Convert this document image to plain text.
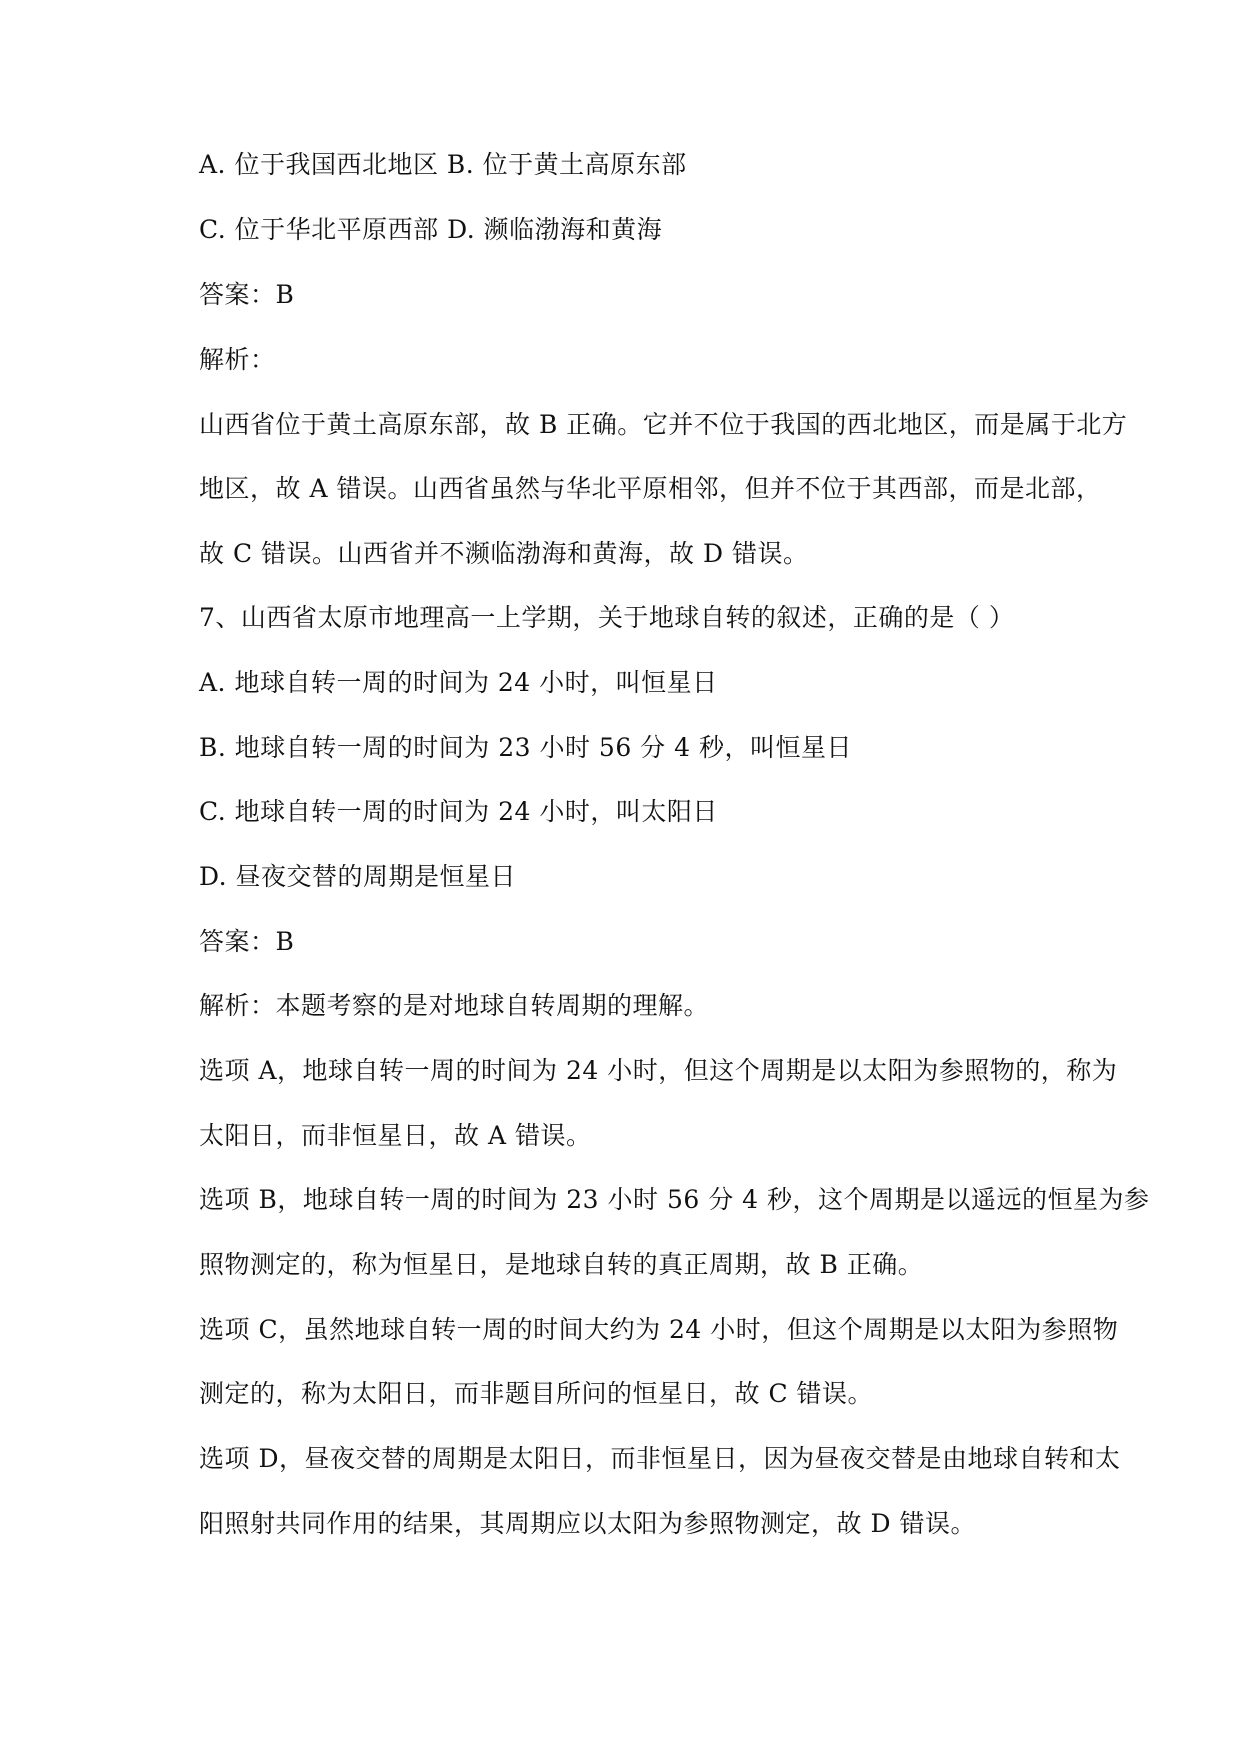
A. 位于我国西北地区 B. 位于黄土高原东部
C. 位于华北平原西部 D. 濒临渤海和黄海
答案：B
解析：
山西省位于黄土高原东部，故 B 正确。它并不位于我国的西北地区，而是属于北方
地区，故 A 错误。山西省虽然与华北平原相邻，但并不位于其西部，而是北部，
故 C 错误。山西省并不濒临渤海和黄海，故 D 错误。
7、山西省太原市地理高一上学期，关于地球自转的叙述，正确的是（ ）
A. 地球自转一周的时间为 24 小时，叫恒星日
B. 地球自转一周的时间为 23 小时 56 分 4 秒，叫恒星日
C. 地球自转一周的时间为 24 小时，叫太阳日
D. 昼夜交替的周期是恒星日
答案：B
解析：本题考察的是对地球自转周期的理解。
选项 A，地球自转一周的时间为 24 小时，但这个周期是以太阳为参照物的，称为
太阳日，而非恒星日，故 A 错误。
选项 B，地球自转一周的时间为 23 小时 56 分 4 秒，这个周期是以遥远的恒星为参
照物测定的，称为恒星日，是地球自转的真正周期，故 B 正确。
选项 C，虽然地球自转一周的时间大约为 24 小时，但这个周期是以太阳为参照物
测定的，称为太阳日，而非题目所问的恒星日，故 C 错误。
选项 D，昼夜交替的周期是太阳日，而非恒星日，因为昼夜交替是由地球自转和太
阳照射共同作用的结果，其周期应以太阳为参照物测定，故 D 错误。
